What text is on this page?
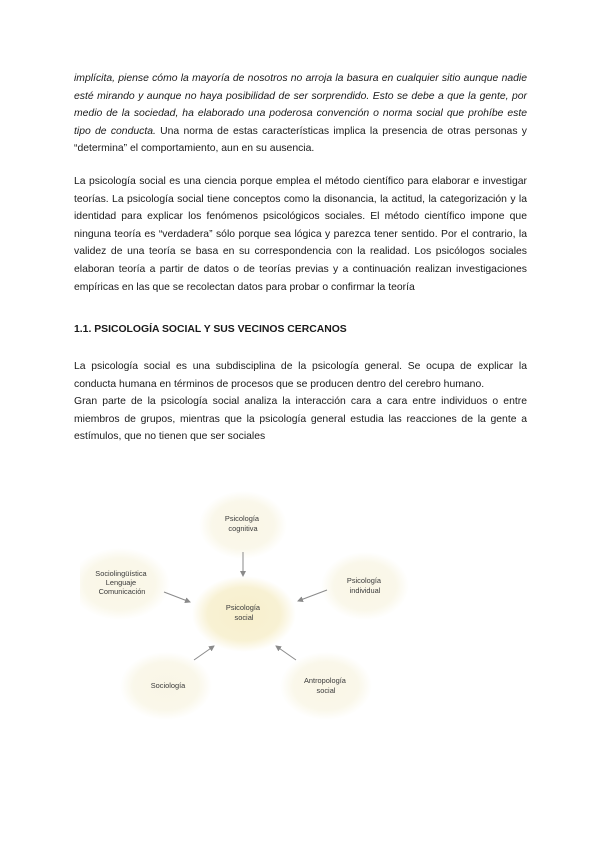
implícita, piense cómo la mayoría de nosotros no arroja la basura en cualquier sitio aunque nadie esté mirando y aunque no haya posibilidad de ser sorprendido. Esto se debe a que la gente, por medio de la sociedad, ha elaborado una poderosa convención o norma social que prohíbe este tipo de conducta. Una norma de estas características implica la presencia de otras personas y “determina” el comportamiento, aun en su ausencia.

La psicología social es una ciencia porque emplea el método científico para elaborar e investigar teorías. La psicología social tiene conceptos como la disonancia, la actitud, la categorización y la identidad para explicar los fenómenos psicológicos sociales. El método científico impone que ninguna teoría es “verdadera” sólo porque sea lógica y parezca tener sentido. Por el contrario, la validez de una teoría se basa en su correspondencia con la realidad. Los psicólogos sociales elaboran teoría a partir de datos o de teorías previas y a continuación realizan investigaciones empíricas en las que se recolectan datos para probar o confirmar la teoría

1.1. PSICOLOGÍA SOCIAL Y SUS VECINOS CERCANOS

La psicología social es una subdisciplina de la psicología general. Se ocupa de explicar la conducta humana en términos de procesos que se producen dentro del cerebro humano.
Gran parte de la psicología social analiza la interacción cara a cara entre individuos o entre miembros de grupos, mientras que la psicología general estudia las reacciones de la gente a estímulos, que no tienen que ser sociales

Psicología cognitiva
Psicología individual
Sociolingüística Lenguaje Comunicación
Psicología social
Sociología
Antropología social
